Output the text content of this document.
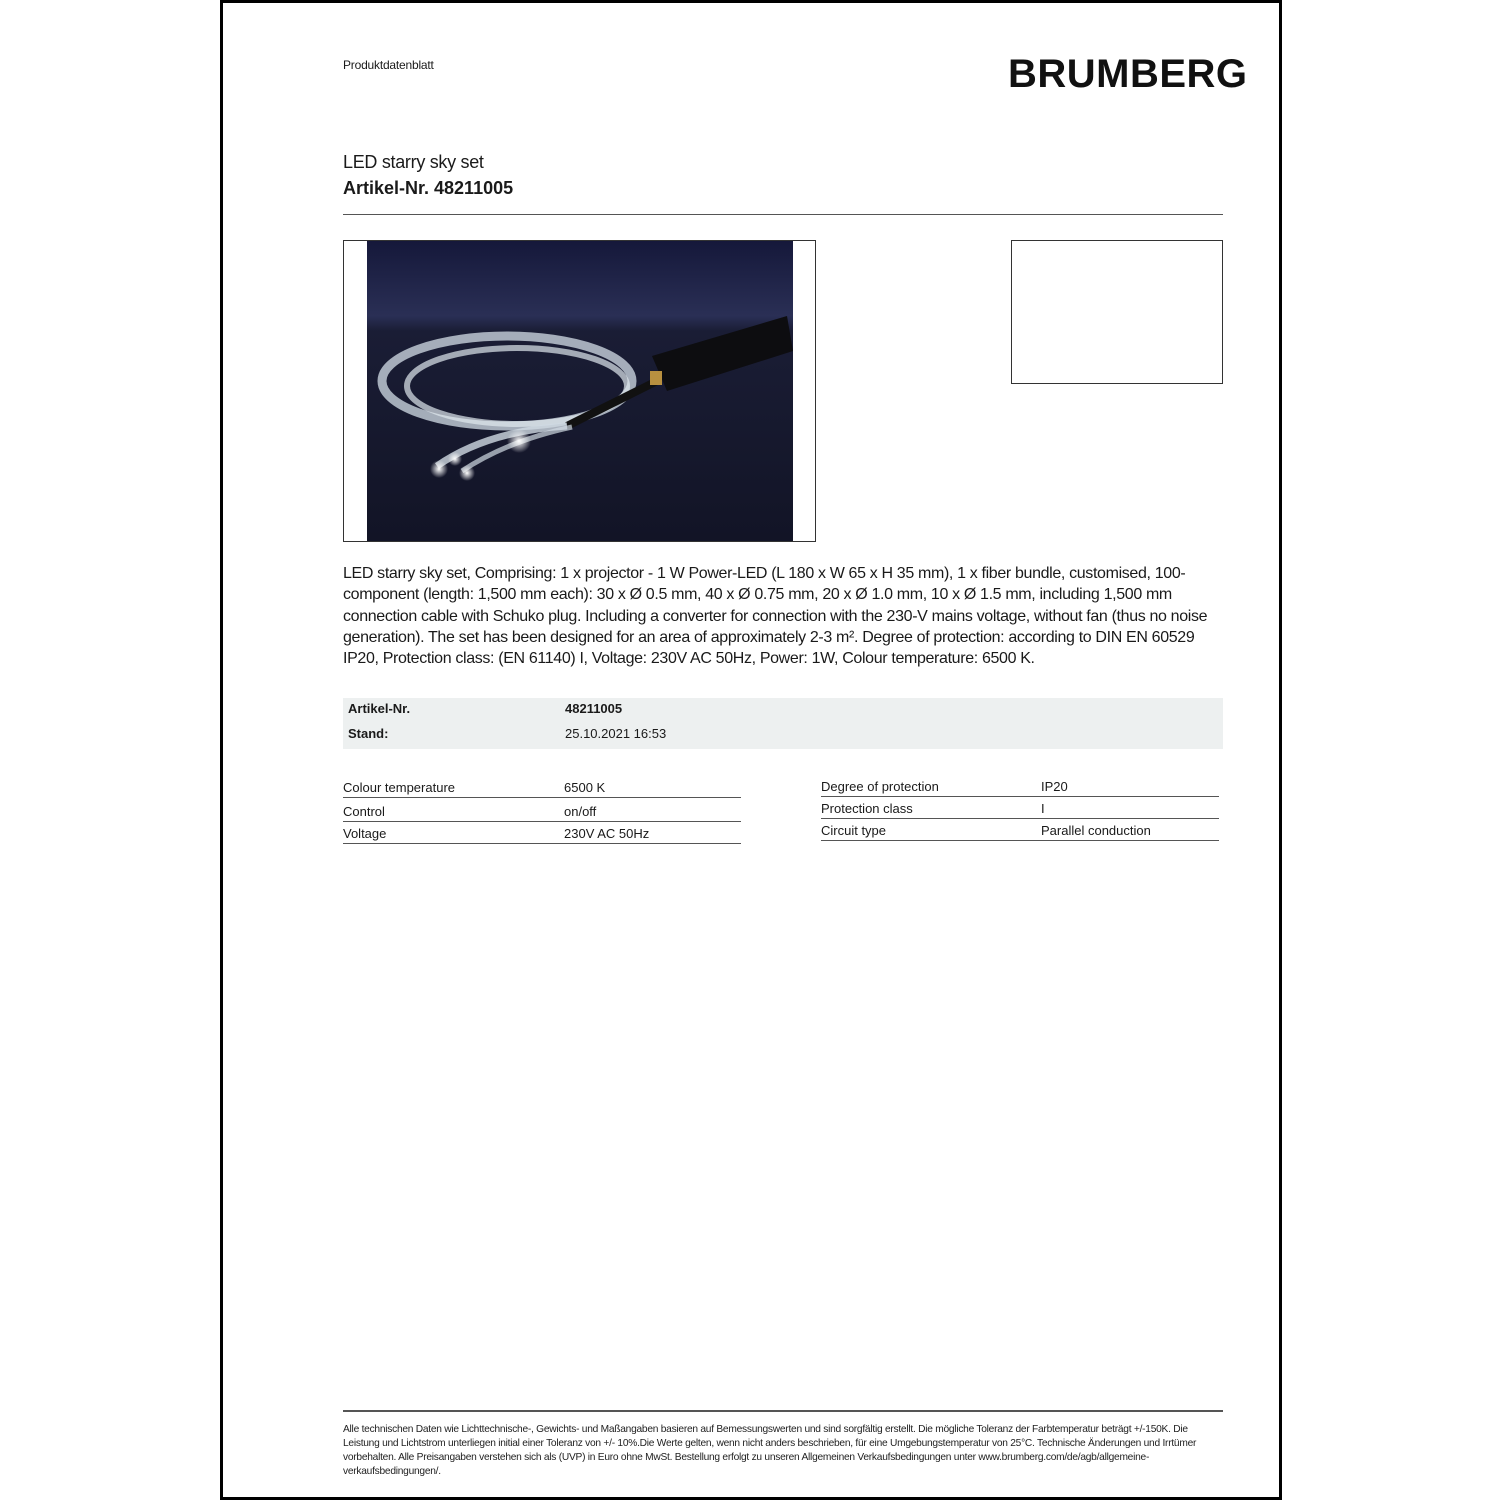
Produktdatenblatt	BRUMBERG
LED starry sky set
Artikel-Nr. 48211005
LED starry sky set, Comprising: 1 x projector - 1 W Power-LED (L 180 x W 65 x H 35 mm), 1 x fiber bundle, customised, 100-component (length: 1,500 mm each): 30 x Ø 0.5 mm, 40 x Ø 0.75 mm, 20 x Ø 1.0 mm, 10 x Ø 1.5 mm, including 1,500 mm connection cable with Schuko plug. Including a converter for connection with the 230-V mains voltage, without fan (thus no noise generation). The set has been designed for an area of approximately 2-3 m². Degree of protection: according to DIN EN 60529 IP20, Protection class: (EN 61140) I, Voltage: 230V AC 50Hz, Power: 1W, Colour temperature: 6500 K.
Artikel-Nr.	48211005
Stand:	25.10.2021 16:53
Colour temperature	6500 K
Control	on/off
Voltage	230V AC 50Hz
Degree of protection	IP20
Protection class	I
Circuit type	Parallel conduction
Alle technischen Daten wie Lichttechnische-, Gewichts- und Maßangaben basieren auf Bemessungswerten und sind sorgfältig erstellt. Die mögliche Toleranz der Farbtemperatur beträgt +/-150K. Die Leistung und Lichtstrom unterliegen initial einer Toleranz von +/- 10%.Die Werte gelten, wenn nicht anders beschrieben, für eine Umgebungstemperatur von 25°C. Technische Änderungen und Irrtümer vorbehalten. Alle Preisangaben verstehen sich als (UVP) in Euro ohne MwSt. Bestellung erfolgt zu unseren Allgemeinen Verkaufsbedingungen unter www.brumberg.com/de/agb/allgemeine-verkaufsbedingungen/.
